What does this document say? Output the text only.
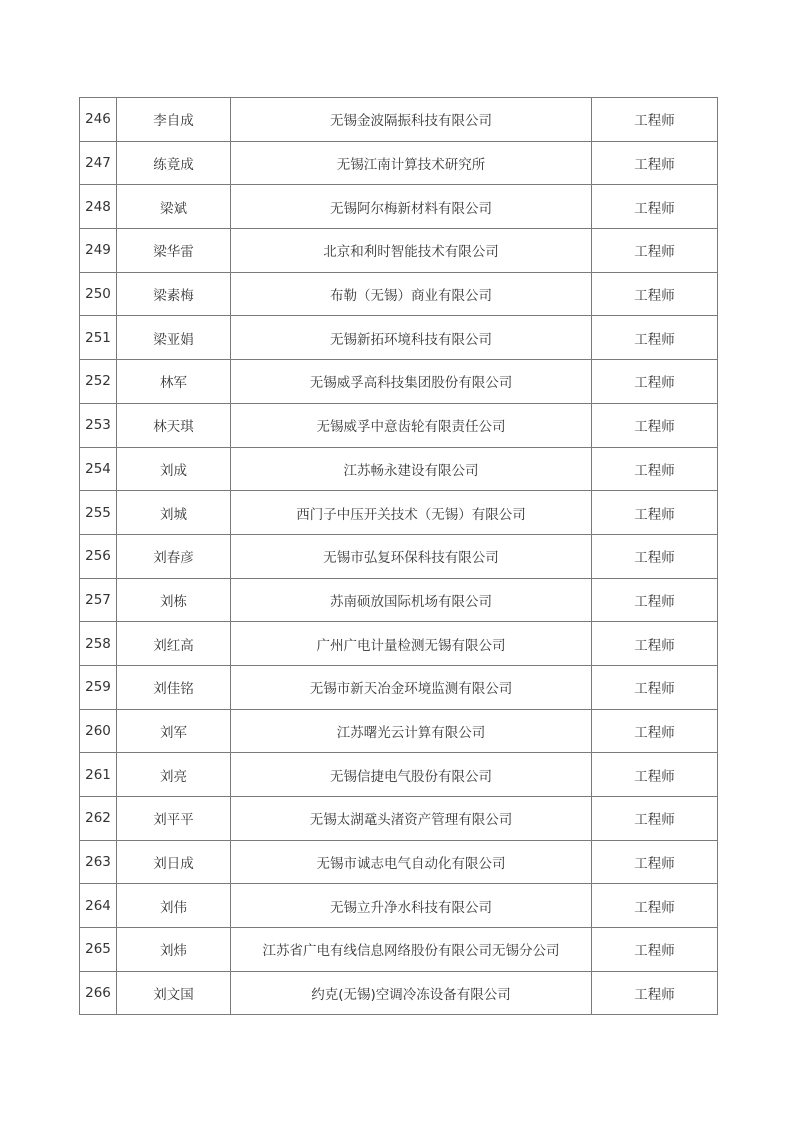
246	李自成	无锡金波隔振科技有限公司	工程师
247	练竟成	无锡江南计算技术研究所	工程师
248	梁斌	无锡阿尔梅新材料有限公司	工程师
249	梁华雷	北京和利时智能技术有限公司	工程师
250	梁素梅	布勒（无锡）商业有限公司	工程师
251	梁亚娟	无锡新拓环境科技有限公司	工程师
252	林军	无锡威孚高科技集团股份有限公司	工程师
253	林天琪	无锡威孚中意齿轮有限责任公司	工程师
254	刘成	江苏畅永建设有限公司	工程师
255	刘城	西门子中压开关技术（无锡）有限公司	工程师
256	刘春彦	无锡市弘复环保科技有限公司	工程师
257	刘栋	苏南硕放国际机场有限公司	工程师
258	刘红高	广州广电计量检测无锡有限公司	工程师
259	刘佳铭	无锡市新天冶金环境监测有限公司	工程师
260	刘军	江苏曙光云计算有限公司	工程师
261	刘亮	无锡信捷电气股份有限公司	工程师
262	刘平平	无锡太湖鼋头渚资产管理有限公司	工程师
263	刘日成	无锡市诚志电气自动化有限公司	工程师
264	刘伟	无锡立升净水科技有限公司	工程师
265	刘炜	江苏省广电有线信息网络股份有限公司无锡分公司	工程师
266	刘文国	约克(无锡)空调冷冻设备有限公司	工程师
